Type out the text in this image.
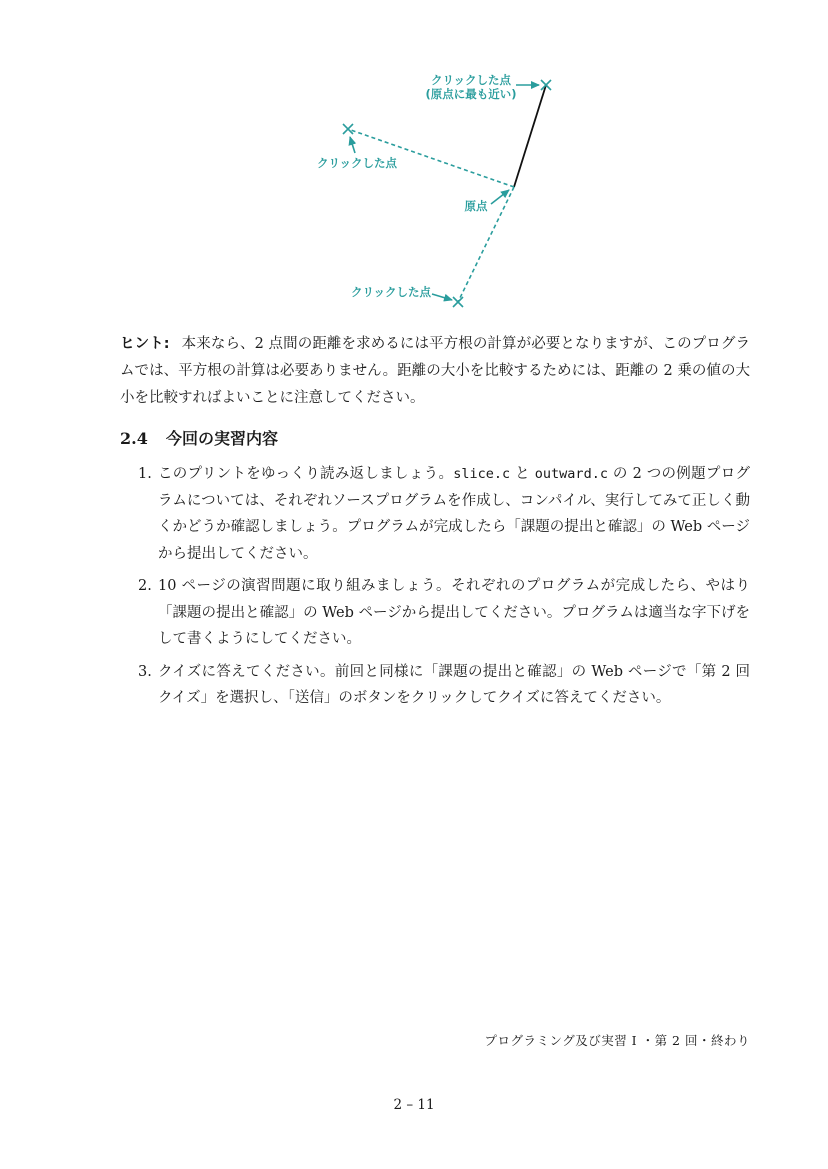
クリックした点
(原点に最も近い)
クリックした点
原点
クリックした点

ヒント: 本来なら、2 点間の距離を求めるには平方根の計算が必要となりますが、このプログラムでは、平方根の計算は必要ありません。距離の大小を比較するためには、距離の 2 乗の値の大小を比較すればよいことに注意してください。

2.4 今回の実習内容
1. このプリントをゆっくり読み返しましょう。slice.c と outward.c の 2 つの例題プログラムについては、それぞれソースプログラムを作成し、コンパイル、実行してみて正しく動くかどうか確認しましょう。プログラムが完成したら「課題の提出と確認」の Web ページから提出してください。
2. 10 ページの演習問題に取り組みましょう。それぞれのプログラムが完成したら、やはり「課題の提出と確認」の Web ページから提出してください。プログラムは適当な字下げをして書くようにしてください。
3. クイズに答えてください。前回と同様に「課題の提出と確認」の Web ページで「第 2 回 クイズ」を選択し、「送信」のボタンをクリックしてクイズに答えてください。
プログラミング及び実習 I ・第 2 回・終わり
2 – 11
